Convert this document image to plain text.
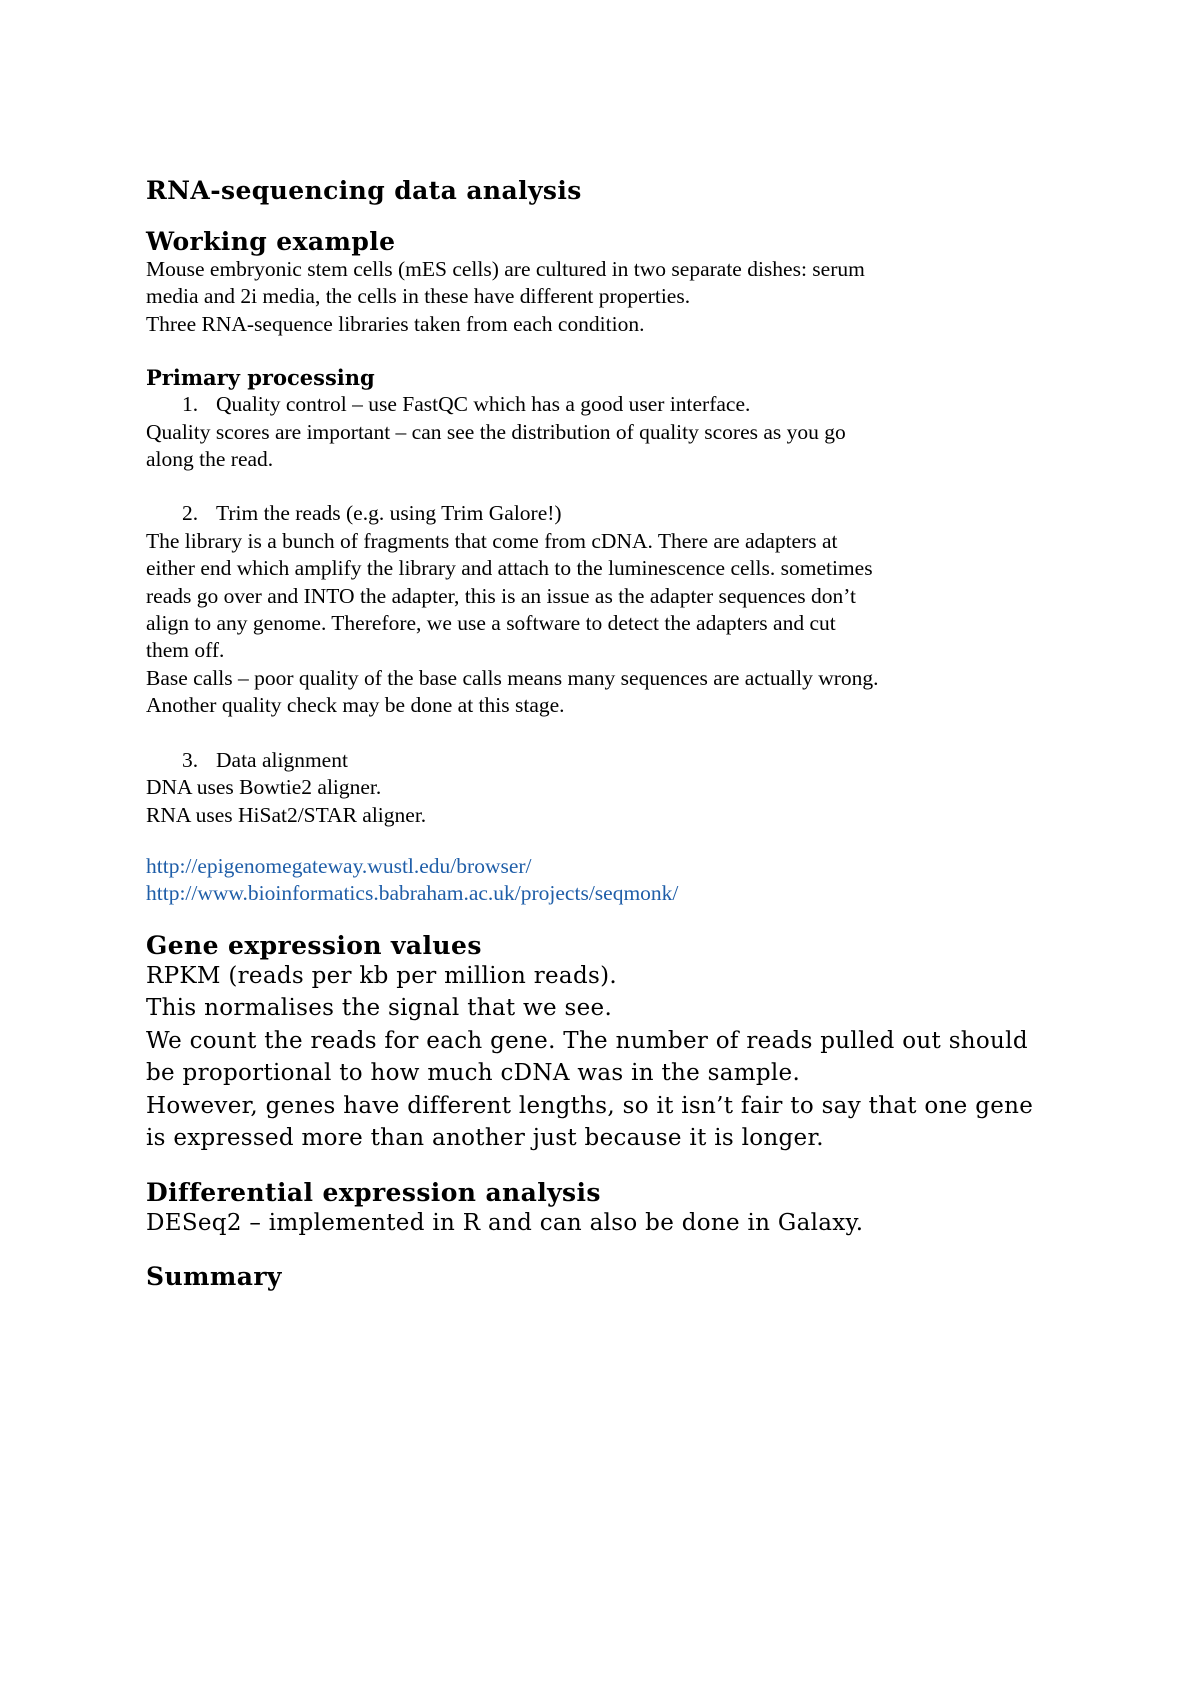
RNA-sequencing data analysis
Working example

Mouse embryonic stem cells (mES cells) are cultured in two separate dishes: serum

media and 2i media, the cells in these have different properties.

Three RNA-sequence libraries taken from each condition.

Primary processing

1. Quality control – use FastQC which has a good user interface.

Quality scores are important – can see the distribution of quality scores as you go

along the read.

2. Trim the reads (e.g. using Trim Galore!)

The library is a bunch of fragments that come from cDNA. There are adapters at

either end which amplify the library and attach to the luminescence cells. sometimes

reads go over and INTO the adapter, this is an issue as the adapter sequences don’t

align to any genome. Therefore, we use a software to detect the adapters and cut

them off.

Base calls – poor quality of the base calls means many sequences are actually wrong.

Another quality check may be done at this stage.

3. Data alignment

DNA uses Bowtie2 aligner.

RNA uses HiSat2/STAR aligner.

http://epigenomegateway.wustl.edu/browser/
http://www.bioinformatics.babraham.ac.uk/projects/seqmonk/
Gene expression values

RPKM (reads per kb per million reads).

This normalises the signal that we see.

We count the reads for each gene. The number of reads pulled out should

be proportional to how much cDNA was in the sample.

However, genes have different lengths, so it isn’t fair to say that one gene

is expressed more than another just because it is longer.

Differential expression analysis

DESeq2 – implemented in R and can also be done in Galaxy.

Summary
